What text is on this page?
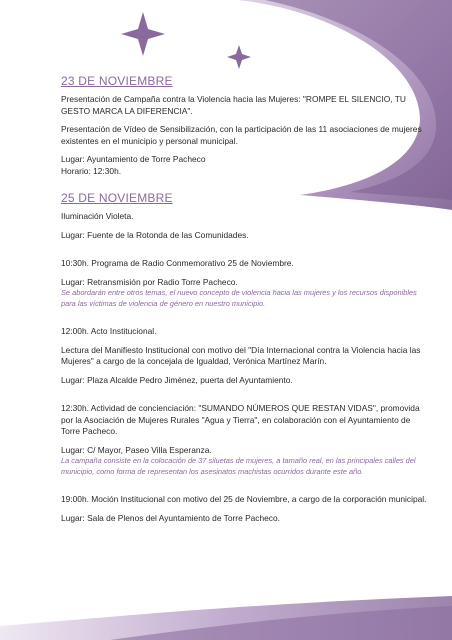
23 DE NOVIEMBRE

Presentación de Campaña contra la Violencia hacia las Mujeres: "ROMPE EL SILENCIO, TU GESTO MARCA LA DIFERENCIA".

Presentación de Vídeo de Sensibilización, con la participación de las 11 asociaciones de mujeres existentes en el municipio y personal municipal.

Lugar: Ayuntamiento de Torre Pacheco

Horario: 12:30h.

25 DE NOVIEMBRE

Iluminación Violeta.

Lugar: Fuente de la Rotonda de las Comunidades.

10:30h. Programa de Radio Conmemorativo 25 de Noviembre.

Lugar: Retransmisión por Radio Torre Pacheco.

Se abordarán entre otros temas, el nuevo concepto de violencia hacia las mujeres y los recursos disponibles para las víctimas de violencia de género en nuestro municipio.

12:00h. Acto Institucional.

Lectura del Manifiesto Institucional con motivo del "Día Internacional contra la Violencia hacia las Mujeres" a cargo de la concejala de Igualdad, Verónica Martínez Marín.

Lugar: Plaza Alcalde Pedro Jiménez, puerta del Ayuntamiento.

12:30h. Actividad de concienciación: "SUMANDO NÚMEROS QUE RESTAN VIDAS", promovida por la Asociación de Mujeres Rurales "Agua y Tierra", en colaboración con el Ayuntamiento de Torre Pacheco.

Lugar: C/ Mayor, Paseo Villa Esperanza.

La campaña consiste en la colocación de 37 siluetas de mujeres, a tamaño real, en las principales calles del municipio, como forma de representan los asesinatos machistas ocurridos durante este año.

19:00h. Moción Institucional con motivo del 25 de Noviembre, a cargo de la corporación municipal.

Lugar: Sala de Plenos del Ayuntamiento de Torre Pacheco.
